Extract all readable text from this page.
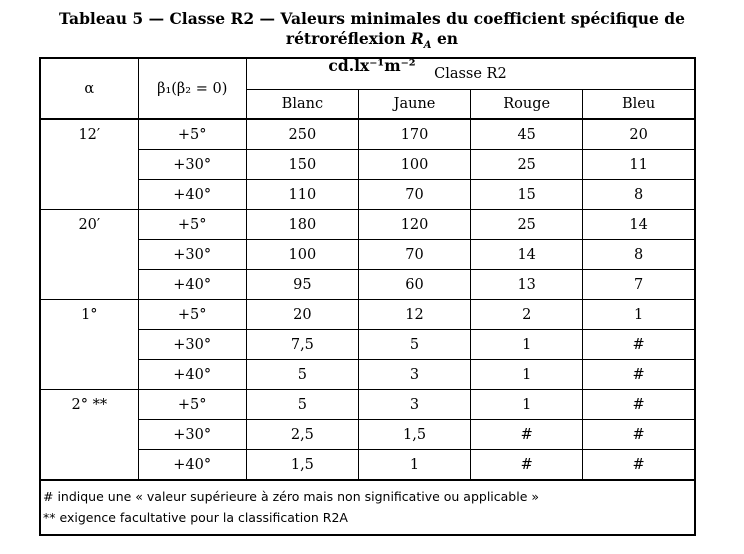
Tableau 5 — Classe R2 — Valeurs minimales du coefficient spécifique de rétroréflexion $R_A$ en
cd.lx⁻¹m⁻²
α	β₁(β₂ = 0)	Classe R2			
		Blanc	Jaune	Rouge	Bleu
12′	+5°	250	170	45	20
	+30°	150	100	25	11
	+40°	110	70	15	8
20′	+5°	180	120	25	14
	+30°	100	70	14	8
	+40°	95	60	13	7
1°	+5°	20	12	2	1
	+30°	7,5	5	1	#
	+40°	5	3	1	#
2° **	+5°	5	3	1	#
	+30°	2,5	1,5	#	#
	+40°	1,5	1	#	#

# indique une « valeur supérieure à zéro mais non significative ou applicable »
** exigence facultative pour la classification R2A					
